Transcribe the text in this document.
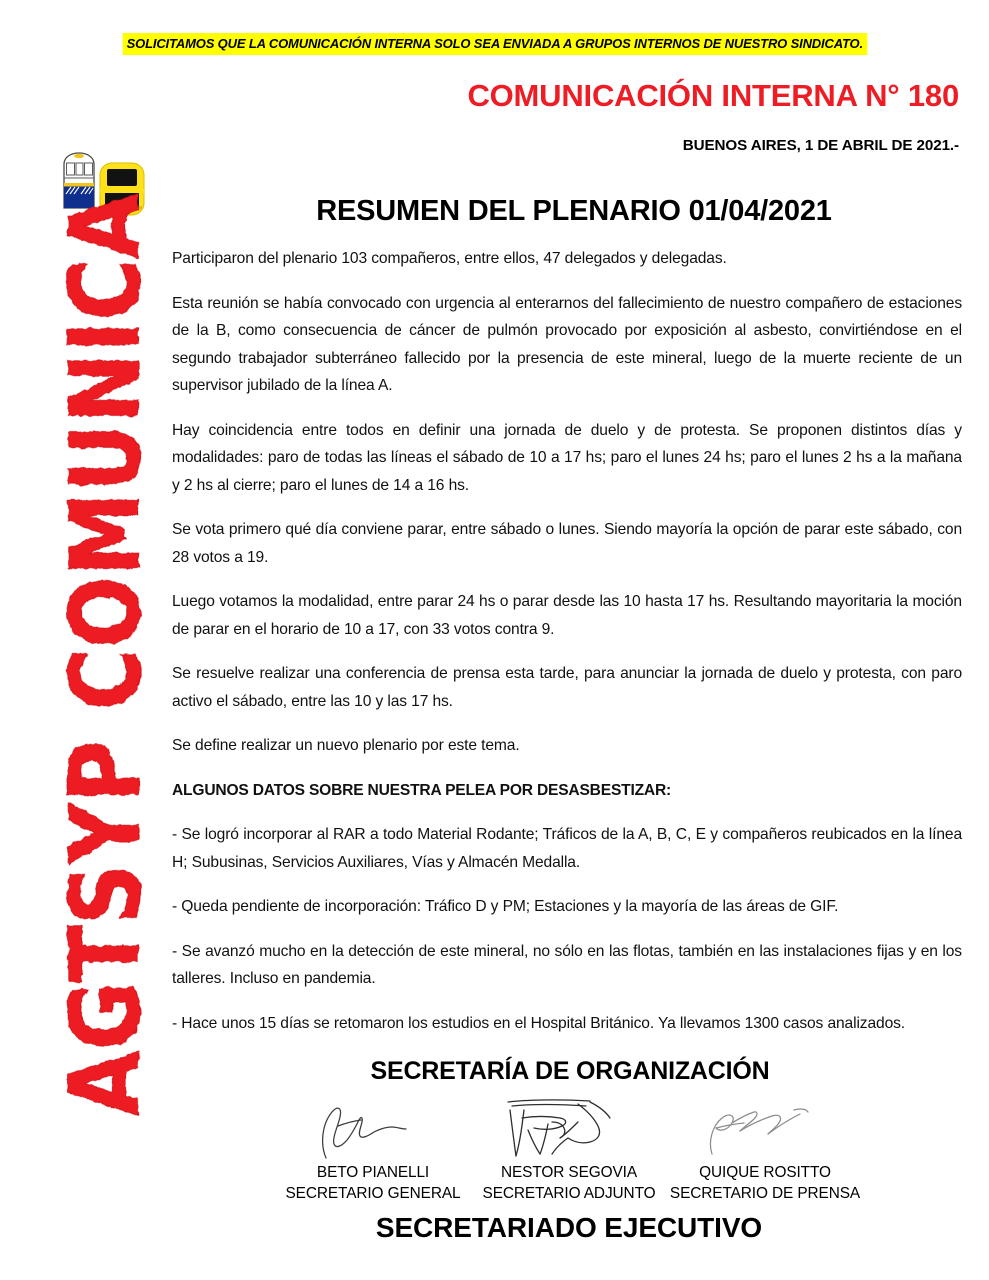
SOLICITAMOS QUE LA COMUNICACIÓN INTERNA SOLO SEA ENVIADA A GRUPOS INTERNOS DE NUESTRO SINDICATO.
COMUNICACIÓN INTERNA N° 180
BUENOS AIRES, 1 DE ABRIL DE 2021.-
AGTSYP COMUNICA	RESUMEN DEL PLENARIO 01/04/2021

Participaron del plenario 103 compañeros, entre ellos, 47 delegados y delegadas.

Esta reunión se había convocado con urgencia al enterarnos del fallecimiento de nuestro compañero de estaciones de la B, como consecuencia de cáncer de pulmón provocado por exposición al asbesto, convirtiéndose en el segundo trabajador subterráneo fallecido por la presencia de este mineral, luego de la muerte reciente de un supervisor jubilado de la línea A.

Hay coincidencia entre todos en definir una jornada de duelo y de protesta. Se proponen distintos días y modalidades: paro de todas las líneas el sábado de 10 a 17 hs; paro el lunes 24 hs; paro el lunes 2 hs a la mañana y 2 hs al cierre; paro el lunes de 14 a 16 hs.

Se vota primero qué día conviene parar, entre sábado o lunes. Siendo mayoría la opción de parar este sábado, con 28 votos a 19.

Luego votamos la modalidad, entre parar 24 hs o parar desde las 10 hasta 17 hs. Resultando mayoritaria la moción de parar en el horario de 10 a 17, con 33 votos contra 9.

Se resuelve realizar una conferencia de prensa esta tarde, para anunciar la jornada de duelo y protesta, con paro activo el sábado, entre las 10 y las 17 hs.

Se define realizar un nuevo plenario por este tema.

ALGUNOS DATOS SOBRE NUESTRA PELEA POR DESASBESTIZAR:

- Se logró incorporar al RAR a todo Material Rodante; Tráficos de la A, B, C, E y compañeros reubicados en la línea H; Subusinas, Servicios Auxiliares, Vías y Almacén Medalla.

- Queda pendiente de incorporación: Tráfico D y PM; Estaciones y la mayoría de las áreas de GIF.

- Se avanzó mucho en la detección de este mineral, no sólo en las flotas, también en las instalaciones fijas y en los talleres. Incluso en pandemia.

- Hace unos 15 días se retomaron los estudios en el Hospital Británico. Ya llevamos 1300 casos analizados.

SECRETARÍA DE ORGANIZACIÓN
BETO PIANELLI
SECRETARIO GENERAL
NESTOR SEGOVIA
SECRETARIO ADJUNTO
QUIQUE ROSITTO
SECRETARIO DE PRENSA
SECRETARIADO EJECUTIVO
